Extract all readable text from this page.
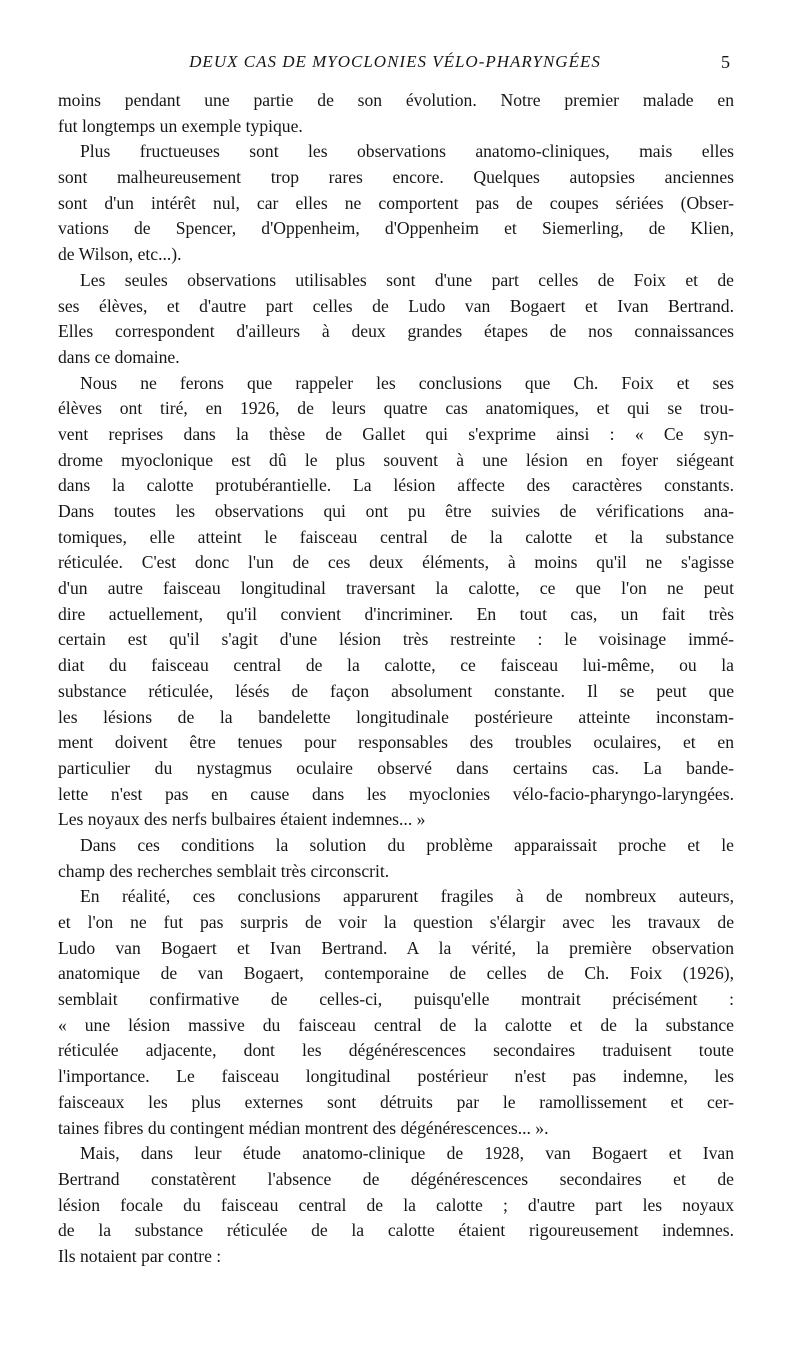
DEUX CAS DE MYOCLONIES VÉLO-PHARYNGÉES	5
moins pendant une partie de son évolution. Notre premier malade en
fut longtemps un exemple typique.
Plus fructueuses sont les observations anatomo-cliniques, mais elles
sont malheureusement trop rares encore. Quelques autopsies anciennes
sont d'un intérêt nul, car elles ne comportent pas de coupes sériées (Obser-
vations de Spencer, d'Oppenheim, d'Oppenheim et Siemerling, de Klien,
de Wilson, etc...).
Les seules observations utilisables sont d'une part celles de Foix et de
ses élèves, et d'autre part celles de Ludo van Bogaert et Ivan Bertrand.
Elles correspondent d'ailleurs à deux grandes étapes de nos connaissances
dans ce domaine.
Nous ne ferons que rappeler les conclusions que Ch. Foix et ses
élèves ont tiré, en 1926, de leurs quatre cas anatomiques, et qui se trou-
vent reprises dans la thèse de Gallet qui s'exprime ainsi : « Ce syn-
drome myoclonique est dû le plus souvent à une lésion en foyer siégeant
dans la calotte protubérantielle. La lésion affecte des caractères constants.
Dans toutes les observations qui ont pu être suivies de vérifications ana-
tomiques, elle atteint le faisceau central de la calotte et la substance
réticulée. C'est donc l'un de ces deux éléments, à moins qu'il ne s'agisse
d'un autre faisceau longitudinal traversant la calotte, ce que l'on ne peut
dire actuellement, qu'il convient d'incriminer. En tout cas, un fait très
certain est qu'il s'agit d'une lésion très restreinte : le voisinage immé-
diat du faisceau central de la calotte, ce faisceau lui-même, ou la
substance réticulée, lésés de façon absolument constante. Il se peut que
les lésions de la bandelette longitudinale postérieure atteinte inconstam-
ment doivent être tenues pour responsables des troubles oculaires, et en
particulier du nystagmus oculaire observé dans certains cas. La bande-
lette n'est pas en cause dans les myoclonies vélo-facio-pharyngo-laryngées.
Les noyaux des nerfs bulbaires étaient indemnes... »
Dans ces conditions la solution du problème apparaissait proche et le
champ des recherches semblait très circonscrit.
En réalité, ces conclusions apparurent fragiles à de nombreux auteurs,
et l'on ne fut pas surpris de voir la question s'élargir avec les travaux de
Ludo van Bogaert et Ivan Bertrand. A la vérité, la première observation
anatomique de van Bogaert, contemporaine de celles de Ch. Foix (1926),
semblait confirmative de celles-ci, puisqu'elle montrait précisément :
« une lésion massive du faisceau central de la calotte et de la substance
réticulée adjacente, dont les dégénérescences secondaires traduisent toute
l'importance. Le faisceau longitudinal postérieur n'est pas indemne, les
faisceaux les plus externes sont détruits par le ramollissement et cer-
taines fibres du contingent médian montrent des dégénérescences... ».
Mais, dans leur étude anatomo-clinique de 1928, van Bogaert et Ivan
Bertrand constatèrent l'absence de dégénérescences secondaires et de
lésion focale du faisceau central de la calotte ; d'autre part les noyaux
de la substance réticulée de la calotte étaient rigoureusement indemnes.
Ils notaient par contre :
